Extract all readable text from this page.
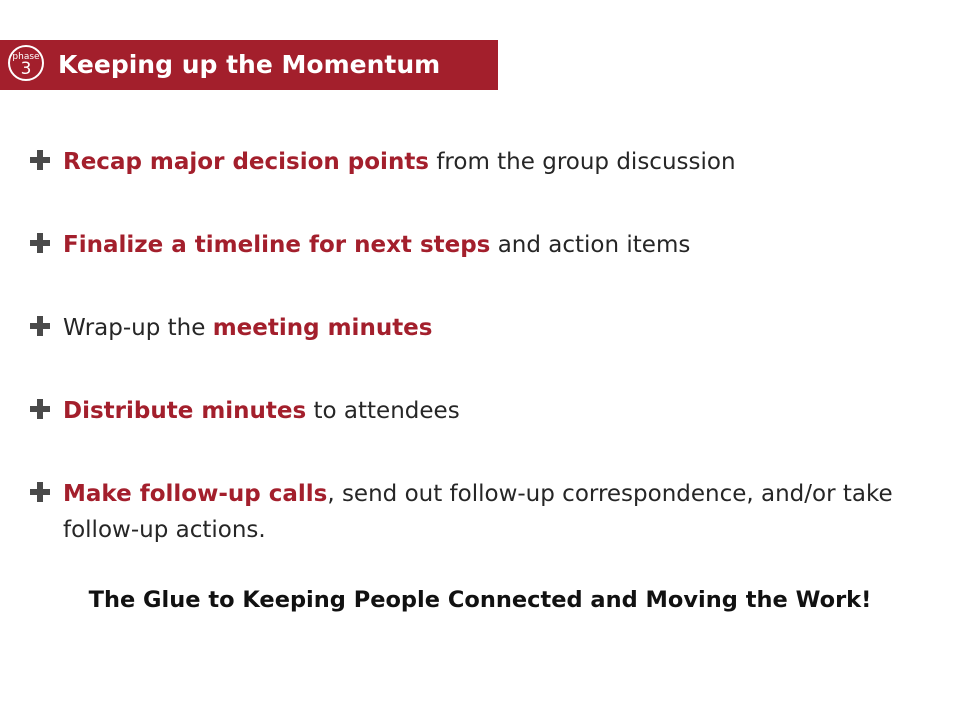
phase
3	Keeping up the Momentum
Recap major decision points from the group discussion
Finalize a timeline for next steps and action items
Wrap-up the meeting minutes
Distribute minutes to attendees
Make follow-up calls, send out follow-up correspondence, and/or take follow-up actions.
The Glue to Keeping People Connected and Moving the Work!
